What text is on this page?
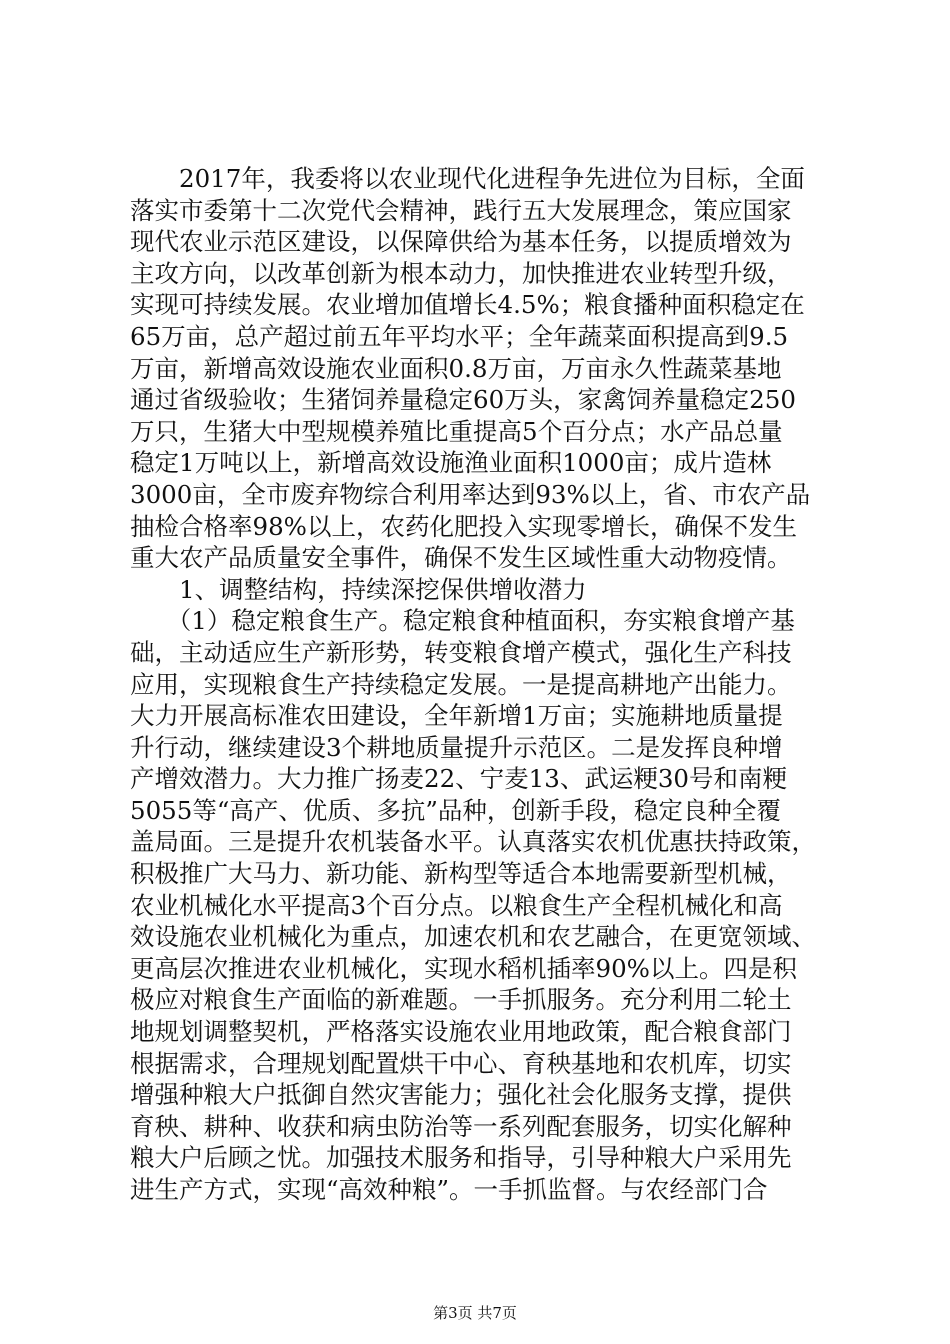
　　2017年，我委将以农业现代化进程争先进位为目标，全面

落实市委第十二次党代会精神，践行五大发展理念，策应国家

现代农业示范区建设，以保障供给为基本任务，以提质增效为

主攻方向，以改革创新为根本动力，加快推进农业转型升级，

实现可持续发展。农业增加值增长4.5%；粮食播种面积稳定在

65万亩，总产超过前五年平均水平；全年蔬菜面积提高到9.5

万亩，新增高效设施农业面积0.8万亩，万亩永久性蔬菜基地

通过省级验收；生猪饲养量稳定60万头，家禽饲养量稳定250

万只，生猪大中型规模养殖比重提高5个百分点；水产品总量

稳定1万吨以上，新增高效设施渔业面积1000亩；成片造林

3000亩，全市废弃物综合利用率达到93%以上，省、市农产品

抽检合格率98%以上，农药化肥投入实现零增长，确保不发生

重大农产品质量安全事件，确保不发生区域性重大动物疫情。

　　1、调整结构，持续深挖保供增收潜力

　　（1）稳定粮食生产。稳定粮食种植面积，夯实粮食增产基

础，主动适应生产新形势，转变粮食增产模式，强化生产科技

应用，实现粮食生产持续稳定发展。一是提高耕地产出能力。

大力开展高标准农田建设，全年新增1万亩；实施耕地质量提

升行动，继续建设3个耕地质量提升示范区。二是发挥良种增

产增效潜力。大力推广扬麦22、宁麦13、武运粳30号和南粳

5055等“高产、优质、多抗”品种，创新手段，稳定良种全覆

盖局面。三是提升农机装备水平。认真落实农机优惠扶持政策，

积极推广大马力、新功能、新构型等适合本地需要新型机械，

农业机械化水平提高3个百分点。以粮食生产全程机械化和高

效设施农业机械化为重点，加速农机和农艺融合，在更宽领域、

更高层次推进农业机械化，实现水稻机插率90%以上。四是积

极应对粮食生产面临的新难题。一手抓服务。充分利用二轮土

地规划调整契机，严格落实设施农业用地政策，配合粮食部门

根据需求，合理规划配置烘干中心、育秧基地和农机库，切实

增强种粮大户抵御自然灾害能力；强化社会化服务支撑，提供

育秧、耕种、收获和病虫防治等一系列配套服务，切实化解种

粮大户后顾之忧。加强技术服务和指导，引导种粮大户采用先

进生产方式，实现“高效种粮”。一手抓监督。与农经部门合

第3页 共7页
